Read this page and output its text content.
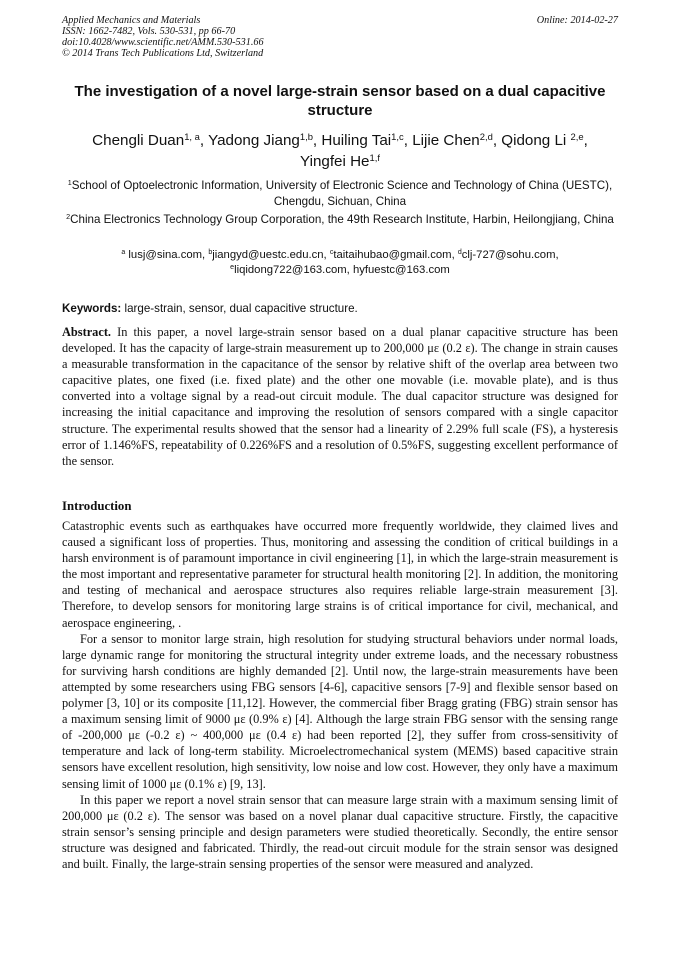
Applied Mechanics and Materials
ISSN: 1662-7482, Vols. 530-531, pp 66-70
doi:10.4028/www.scientific.net/AMM.530-531.66
© 2014 Trans Tech Publications Ltd, Switzerland
Online: 2014-02-27
The investigation of a novel large-strain sensor based on a dual capacitive structure
Chengli Duan$^{1, a}$, Yadong Jiang$^{1,b}$, Huiling Tai$^{1,c}$, Lijie Chen$^{2,d}$, Qidong Li $^{2,e}$,
Yingfei He$^{1,f}$
$^1$School of Optoelectronic Information, University of Electronic Science and Technology of China (UESTC), Chengdu, Sichuan, China
$^2$China Electronics Technology Group Corporation, the 49th Research Institute, Harbin, Heilongjiang, China
$^a$ lusj@sina.com, $^b$jiangyd@uestc.edu.cn, $^c$taitaihubao@gmail.com, $^d$clj-727@sohu.com,
$^e$liqidong722@163.com, hyfuestc@163.com
Keywords: large-strain, sensor, dual capacitive structure.
Abstract. In this paper, a novel large-strain sensor based on a dual planar capacitive structure has been developed. It has the capacity of large-strain measurement up to 200,000 με (0.2 ε). The change in strain causes a measurable transformation in the capacitance of the sensor by relative shift of the overlap area between two capacitive plates, one fixed (i.e. fixed plate) and the other one movable (i.e. movable plate), and is thus converted into a voltage signal by a read-out circuit module. The dual capacitor structure was designed for increasing the initial capacitance and improving the resolution of sensors compared with a single capacitor structure. The experimental results showed that the sensor had a linearity of 2.29% full scale (FS), a hysteresis error of 1.146%FS, repeatability of 0.226%FS and a resolution of 0.5%FS, suggesting excellent performance of the sensor.
Introduction

Catastrophic events such as earthquakes have occurred more frequently worldwide, they claimed lives and caused a significant loss of properties. Thus, monitoring and assessing the condition of critical buildings in a harsh environment is of paramount importance in civil engineering [1], in which the large-strain measurement is the most important and representative parameter for structural health monitoring [2]. In addition, the monitoring and testing of mechanical and aerospace structures also requires reliable large-strain measurement [3]. Therefore, to develop sensors for monitoring large strains is of critical importance for civil, mechanical, and aerospace engineering, .

For a sensor to monitor large strain, high resolution for studying structural behaviors under normal loads, large dynamic range for monitoring the structural integrity under extreme loads, and the necessary robustness for surviving harsh conditions are highly demanded [2]. Until now, the large-strain measurements have been attempted by some researchers using FBG sensors [4-6], capacitive sensors [7-9] and flexible sensor based on polymer [3, 10] or its composite [11,12]. However, the commercial fiber Bragg grating (FBG) strain sensor has a maximum sensing limit of 9000 με (0.9% ε) [4]. Although the large strain FBG sensor with the sensing range of -200,000 με (-0.2 ε) ~ 400,000 με (0.4 ε) had been reported [2], they suffer from cross-sensitivity of temperature and lack of long-term stability. Microelectromechanical system (MEMS) based capacitive strain sensors have excellent resolution, high sensitivity, low noise and low cost. However, they only have a maximum sensing limit of 1000 με (0.1% ε) [9, 13].

In this paper we report a novel strain sensor that can measure large strain with a maximum sensing limit of 200,000 με (0.2 ε). The sensor was based on a novel planar dual capacitive structure. Firstly, the capacitive strain sensor’s sensing principle and design parameters were studied theoretically. Secondly, the entire sensor structure was designed and fabricated. Thirdly, the read-out circuit module for the strain sensor was designed and built. Finally, the large-strain sensing properties of the sensor were measured and analyzed.
